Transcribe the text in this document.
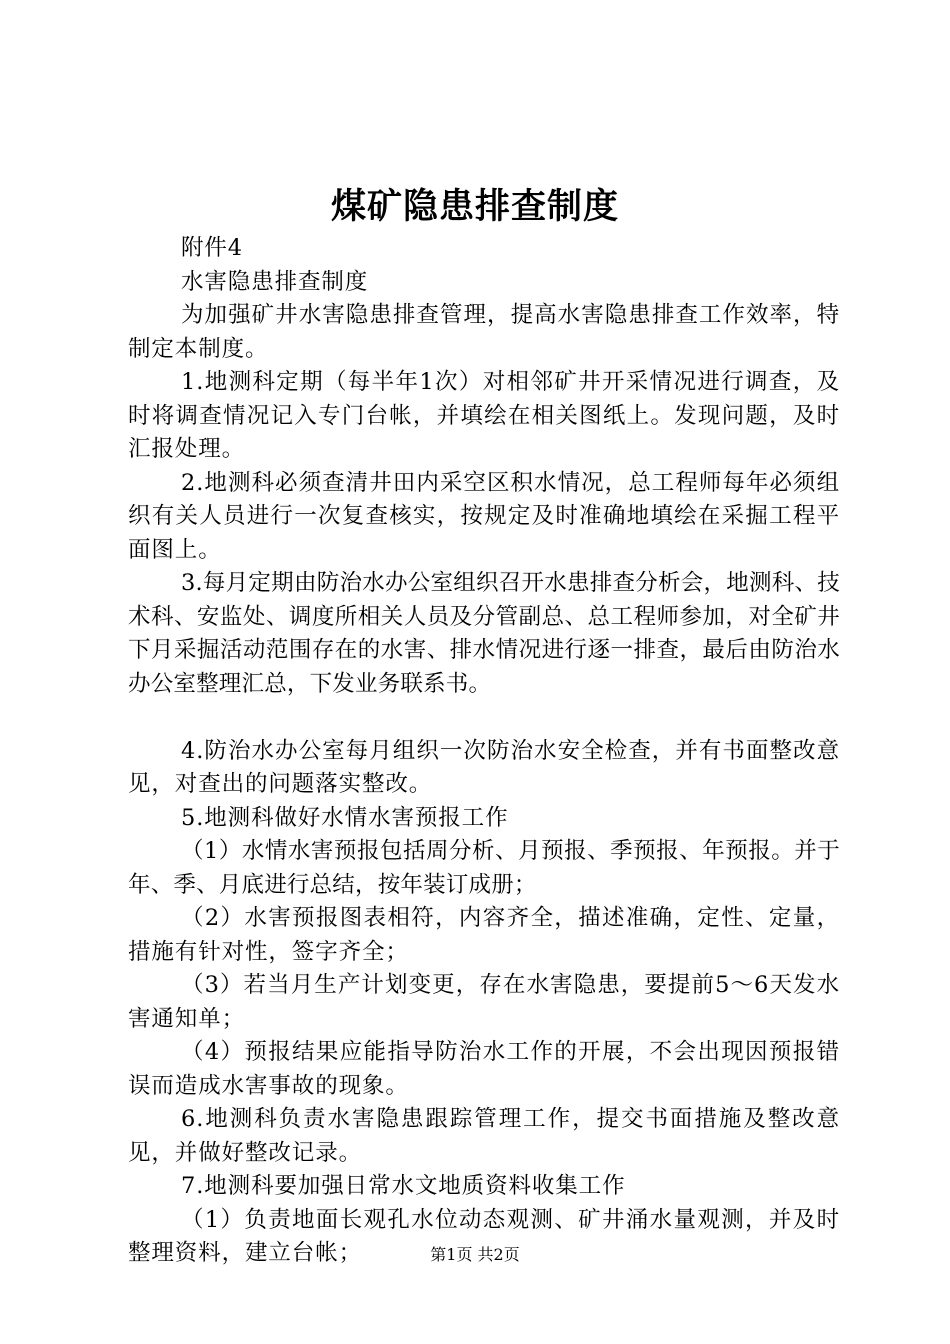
煤矿隐患排查制度

附件4

水害隐患排查制度

为加强矿井水害隐患排查管理，提高水害隐患排查工作效率，特制定本制度。

1.地测科定期（每半年1次）对相邻矿井开采情况进行调查，及时将调查情况记入专门台帐，并填绘在相关图纸上。发现问题，及时汇报处理。

2.地测科必须查清井田内采空区积水情况，总工程师每年必须组织有关人员进行一次复查核实，按规定及时准确地填绘在采掘工程平面图上。

3.每月定期由防治水办公室组织召开水患排查分析会，地测科、技术科、安监处、调度所相关人员及分管副总、总工程师参加，对全矿井下月采掘活动范围存在的水害、排水情况进行逐一排查，最后由防治水办公室整理汇总，下发业务联系书。

4.防治水办公室每月组织一次防治水安全检查，并有书面整改意见，对查出的问题落实整改。

5.地测科做好水情水害预报工作

（1）水情水害预报包括周分析、月预报、季预报、年预报。并于年、季、月底进行总结，按年装订成册；

（2）水害预报图表相符，内容齐全，描述准确，定性、定量，措施有针对性，签字齐全；

（3）若当月生产计划变更，存在水害隐患，要提前5～6天发水害通知单；

（4）预报结果应能指导防治水工作的开展，不会出现因预报错误而造成水害事故的现象。

6.地测科负责水害隐患跟踪管理工作，提交书面措施及整改意见，并做好整改记录。

7.地测科要加强日常水文地质资料收集工作

（1）负责地面长观孔水位动态观测、矿井涌水量观测，并及时整理资料，建立台帐；	第1页 共2页
